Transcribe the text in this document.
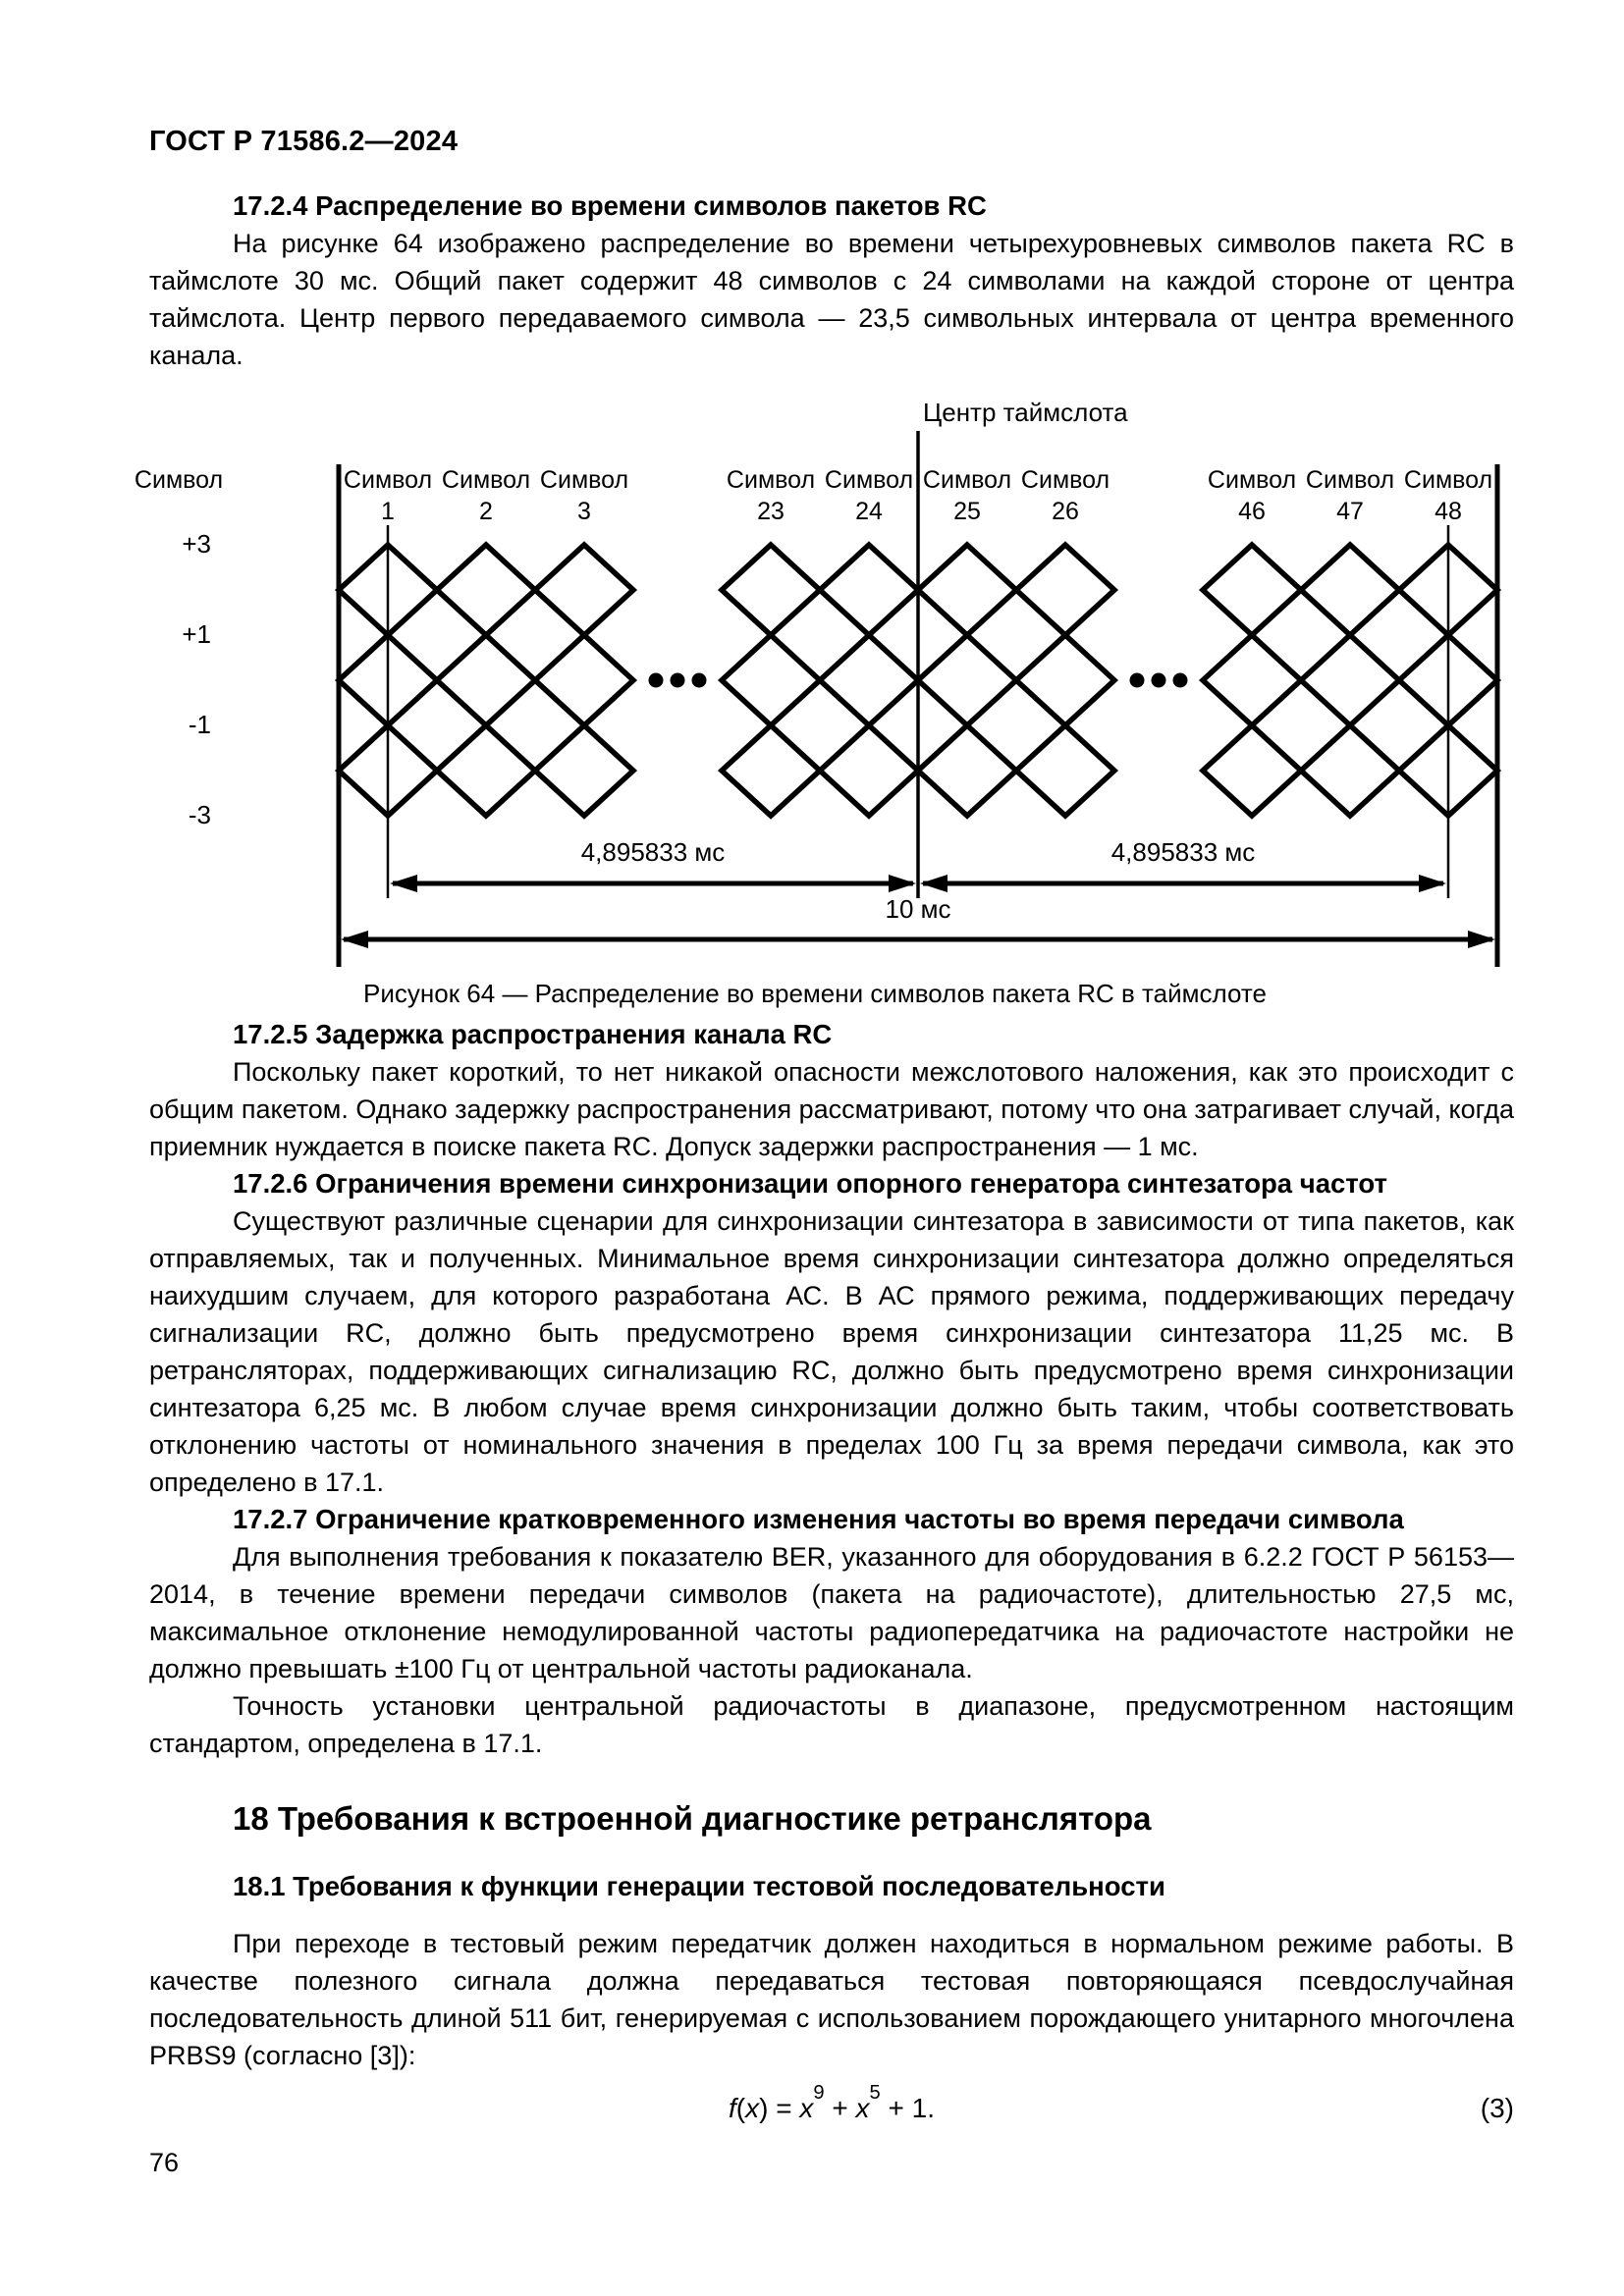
ГОСТ Р 71586.2—2024
17.2.4 Распределение во времени символов пакетов RC

На рисунке 64 изображено распределение во времени четырехуровневых символов пакета RC в таймслоте 30 мс. Общий пакет содержит 48 символов с 24 символами на каждой стороне от центра таймслота. Центр первого передаваемого символа — 23,5 символьных интервала от центра временного канала.

Центр таймслота
Символ
+3
+1
-1
-3
Символ
1
Символ
2
Символ
3
Символ
23
Символ
24
Символ
25
Символ
26
Символ
46
Символ
47
Символ
48
4,895833 мс	4,895833 мс
10 мс
Рисунок 64 — Распределение во времени символов пакета RC в таймслоте
17.2.5 Задержка распространения канала RC

Поскольку пакет короткий, то нет никакой опасности межслотового наложения, как это происходит с общим пакетом. Однако задержку распространения рассматривают, потому что она затрагивает случай, когда приемник нуждается в поиске пакета RC. Допуск задержки распространения — 1 мс.

17.2.6 Ограничения времени синхронизации опорного генератора синтезатора частот

Существуют различные сценарии для синхронизации синтезатора в зависимости от типа пакетов, как отправляемых, так и полученных. Минимальное время синхронизации синтезатора должно определяться наихудшим случаем, для которого разработана АС. В АС прямого режима, поддерживающих передачу сигнализации RC, должно быть предусмотрено время синхронизации синтезатора 11,25 мс. В ретрансляторах, поддерживающих сигнализацию RC, должно быть предусмотрено время синхронизации синтезатора 6,25 мс. В любом случае время синхронизации должно быть таким, чтобы соответствовать отклонению частоты от номинального значения в пределах 100 Гц за время передачи символа, как это определено в 17.1.

17.2.7 Ограничение кратковременного изменения частоты во время передачи символа

Для выполнения требования к показателю BER, указанного для оборудования в 6.2.2 ГОСТ Р 56153—2014, в течение времени передачи символов (пакета на радиочастоте), длительностью 27,5 мс, максимальное отклонение немодулированной частоты радиопередатчика на радиочастоте настройки не должно превышать ±100 Гц от центральной частоты радиоканала.

Точность установки центральной радиочастоты в диапазоне, предусмотренном настоящим стандартом, определена в 17.1.

18 Требования к встроенной диагностике ретранслятора
18.1 Требования к функции генерации тестовой последовательности

При переходе в тестовый режим передатчик должен находиться в нормальном режиме работы. В качестве полезного сигнала должна передаваться тестовая повторяющаяся псевдослучайная последовательность длиной 511 бит, генерируемая с использованием порождающего унитарного многочлена PRBS9 (согласно [3]):

$f(x) = x^9 + x^5 + 1$.	(3)
76
